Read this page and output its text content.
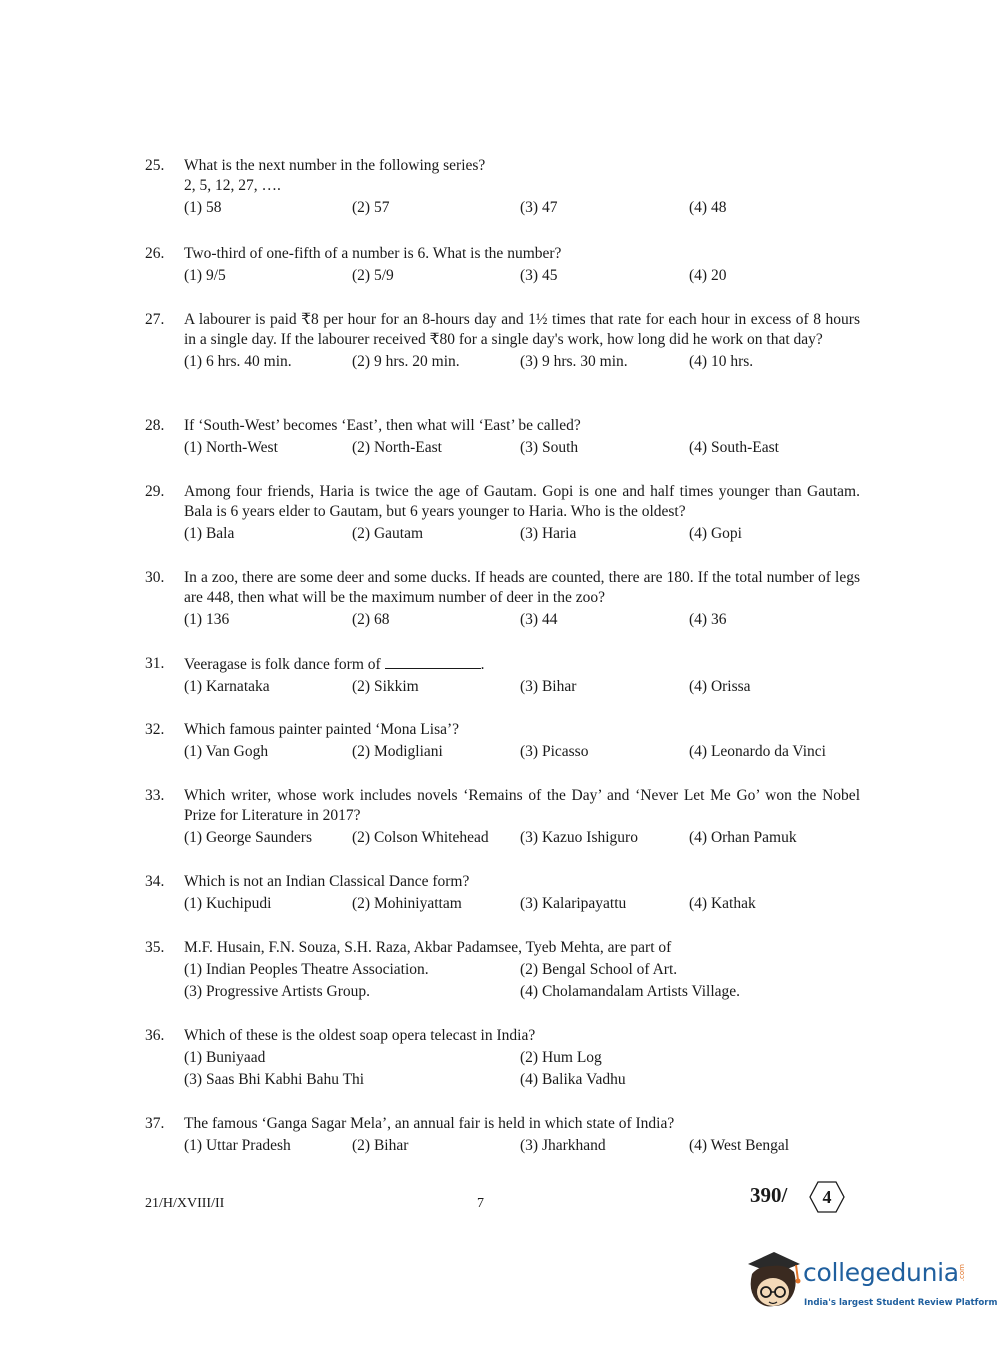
25. What is the next number in the following series?
2, 5, 12, 27, ….
(1) 58	(2) 57	(3) 47	(4) 48
26. Two-third of one-fifth of a number is 6. What is the number?
(1) 9/5	(2) 5/9	(3) 45	(4) 20
27. A labourer is paid ₹8 per hour for an 8-hours day and 1½ times that rate for each hour in excess of 8 hours in a single day. If the labourer received ₹80 for a single day's work, how long did he work on that day?
(1) 6 hrs. 40 min.	(2) 9 hrs. 20 min.	(3) 9 hrs. 30 min.	(4) 10 hrs.
28. If ‘South-West’ becomes ‘East’, then what will ‘East’ be called?
(1) North-West	(2) North-East	(3) South	(4) South-East
29. Among four friends, Haria is twice the age of Gautam. Gopi is one and half times younger than Gautam. Bala is 6 years elder to Gautam, but 6 years younger to Haria. Who is the oldest?
(1) Bala	(2) Gautam	(3) Haria	(4) Gopi
30. In a zoo, there are some deer and some ducks. If heads are counted, there are 180. If the total number of legs are 448, then what will be the maximum number of deer in the zoo?
(1) 136	(2) 68	(3) 44	(4) 36
31. Veeragase is folk dance form of	.
(1) Karnataka	(2) Sikkim	(3) Bihar	(4) Orissa
32. Which famous painter painted ‘Mona Lisa’?
(1) Van Gogh	(2) Modigliani	(3) Picasso	(4) Leonardo da Vinci
33. Which writer, whose work includes novels ‘Remains of the Day’ and ‘Never Let Me Go’ won the Nobel Prize for Literature in 2017?
(1) George Saunders	(2) Colson Whitehead (3) Kazuo Ishiguro	(4) Orhan Pamuk
34. Which is not an Indian Classical Dance form?
(1) Kuchipudi	(2) Mohiniyattam	(3) Kalaripayattu	(4) Kathak
35. M.F. Husain, F.N. Souza, S.H. Raza, Akbar Padamsee, Tyeb Mehta, are part of
(1) Indian Peoples Theatre Association.	(2) Bengal School of Art.
(3) Progressive Artists Group.	(4) Cholamandalam Artists Village.
36. Which of these is the oldest soap opera telecast in India?
(1) Buniyaad	(2) Hum Log
(3) Saas Bhi Kabhi Bahu Thi	(4) Balika Vadhu
37. The famous ‘Ganga Sagar Mela’, an annual fair is held in which state of India?
(1) Uttar Pradesh	(2) Bihar	(3) Jharkhand	(4) West Bengal
21/H/XVIII/II	7	390/ 4
collegedunia .com
India's largest Student Review Platform
